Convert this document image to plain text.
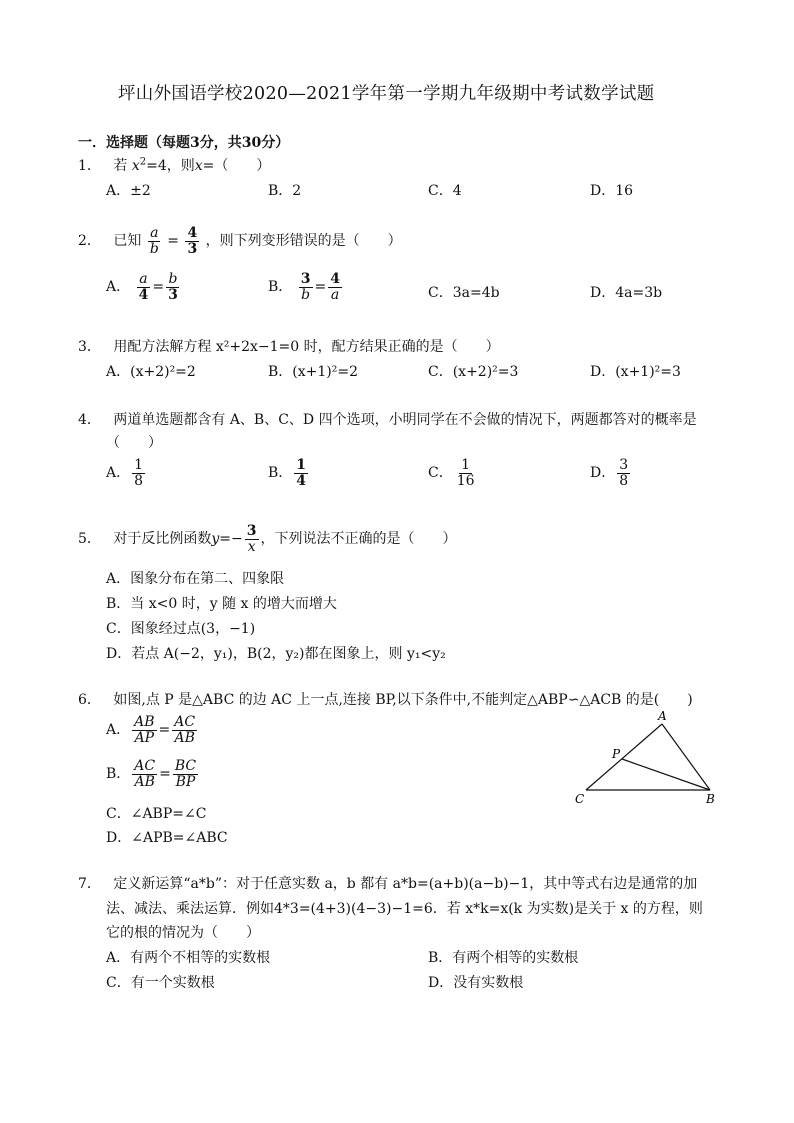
坪山外国语学校2020—2021学年第一学期九年级期中考试数学试题
一．选择题（每题3分，共30分）
1． 若 $x^2=4$，则x=（　　）
A．±2	B．2	C．4	D．16
2． 已知 $\frac{a}{b} = \frac{4}{3}$ ，则下列变形错误的是（　　）
A． $\frac{a}{4} = \frac{b}{3}$	B． $\frac{3}{b} = \frac{4}{a}$	C．3a=4b	D．4a=3b
3． 用配方法解方程 x²+2x−1=0 时，配方结果正确的是（　　）
A．(x+2)²=2	B．(x+1)²=2	C．(x+2)²=3	D．(x+1)²=3
4． 两道单选题都含有 A、B、C、D 四个选项，小明同学在不会做的情况下，两题都答对的概率是
（　　）
A． $\frac{1}{8}$	B． $\frac{1}{4}$	C． $\frac{1}{16}$	D． $\frac{3}{8}$
5． 对于反比例函数$y=- \frac{3}{x}$ ，下列说法不正确的是（　　）
A．图象分布在第二、四象限
B．当 x<0 时，y 随 x 的增大而增大
C．图象经过点(3，−1)
D．若点 A(−2，y₁)，B(2，y₂)都在图象上，则 y₁<y₂
6． 如图,点 P 是△ABC 的边 AC 上一点,连接 BP,以下条件中,不能判定△ABP∽△ACB 的是(　　)
A． $\frac{AB}{AP} = \frac{AC}{AB}$
B． $\frac{AC}{AB} = \frac{BC}{BP}$
C．∠ABP=∠C
D．∠APB=∠ABC
A
P
C	B
7． 定义新运算“a*b”：对于任意实数 a，b 都有 a*b=(a+b)(a−b)−1，其中等式右边是通常的加
法、减法、乘法运算．例如4*3=(4+3)(4−3)−1=6．若 x*k=x(k 为实数)是关于 x 的方程，则
它的根的情况为（　　）
A．有两个不相等的实数根	B．有两个相等的实数根
C．有一个实数根	D．没有实数根
